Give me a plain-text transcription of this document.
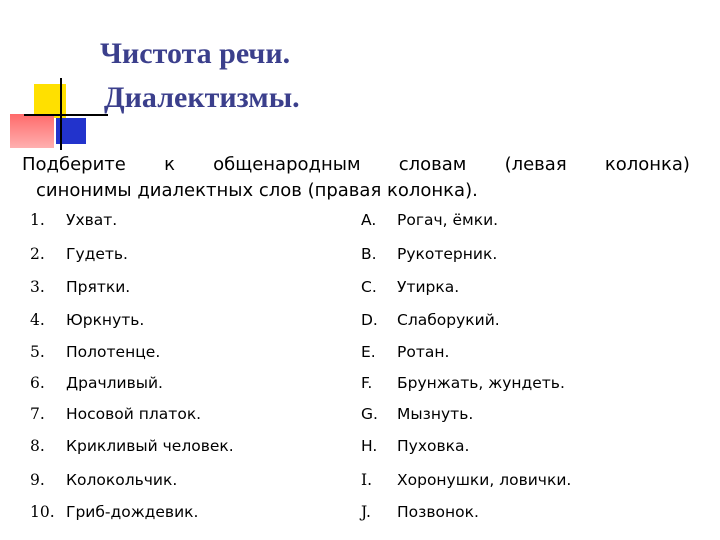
Чистота речи.
Диалектизмы.
Подберите к общенародным словам (левая колонка)
синонимы диалектных слов (правая колонка).
1. Ухват.
2. Гудеть.
3. Прятки.
4. Юркнуть.
5. Полотенце.
6. Драчливый.
7. Носовой платок.
8. Крикливый человек.
9. Колокольчик.
10. Гриб-дождевик.
A. Рогач, ёмки.
B. Рукотерник.
C. Утирка.
D. Слаборукий.
E. Ротан.
F. Брунжать, жундеть.
G. Мызнуть.
H. Пуховка.
I. Хоронушки, ловички.
J. Позвонок.
